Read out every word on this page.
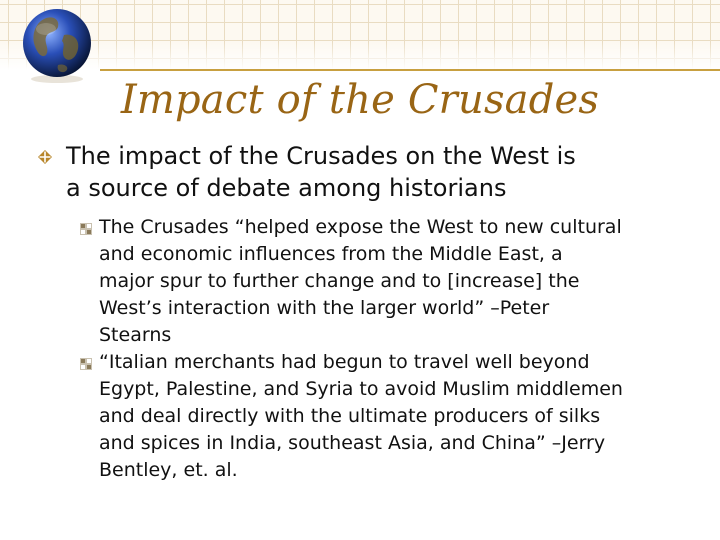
Impact of the Crusades
The impact of the Crusades on the West is
a source of debate among historians
The Crusades “helped expose the West to new cultural
and economic influences from the Middle East, a
major spur to further change and to [increase] the
West’s interaction with the larger world” –Peter
Stearns
“Italian merchants had begun to travel well beyond
Egypt, Palestine, and Syria to avoid Muslim middlemen
and deal directly with the ultimate producers of silks
and spices in India, southeast Asia, and China” –Jerry
Bentley, et. al.
